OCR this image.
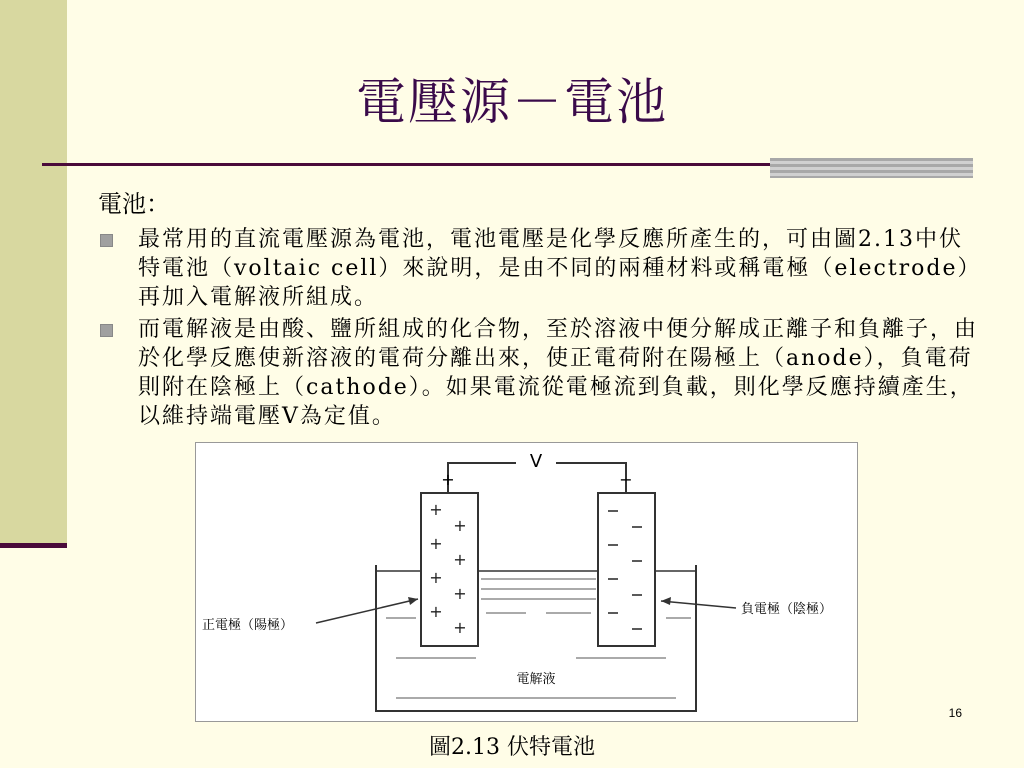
電壓源－電池
電池：
最常用的直流電壓源為電池，電池電壓是化學反應所產生的，可由圖2.13中伏特電池（voltaic cell）來說明，是由不同的兩種材料或稱電極（electrode）再加入電解液所組成。
而電解液是由酸、鹽所組成的化合物，至於溶液中便分解成正離子和負離子，由於化學反應使新溶液的電荷分離出來，使正電荷附在陽極上（anode），負電荷則附在陰極上（cathode）。如果電流從電極流到負載，則化學反應持續產生，以維持端電壓V為定值。
V
+	−
+
+
+
+
+
+
+
+
正電極（陽極）
負電極（陰極）
電解液
16
圖2.13 伏特電池
